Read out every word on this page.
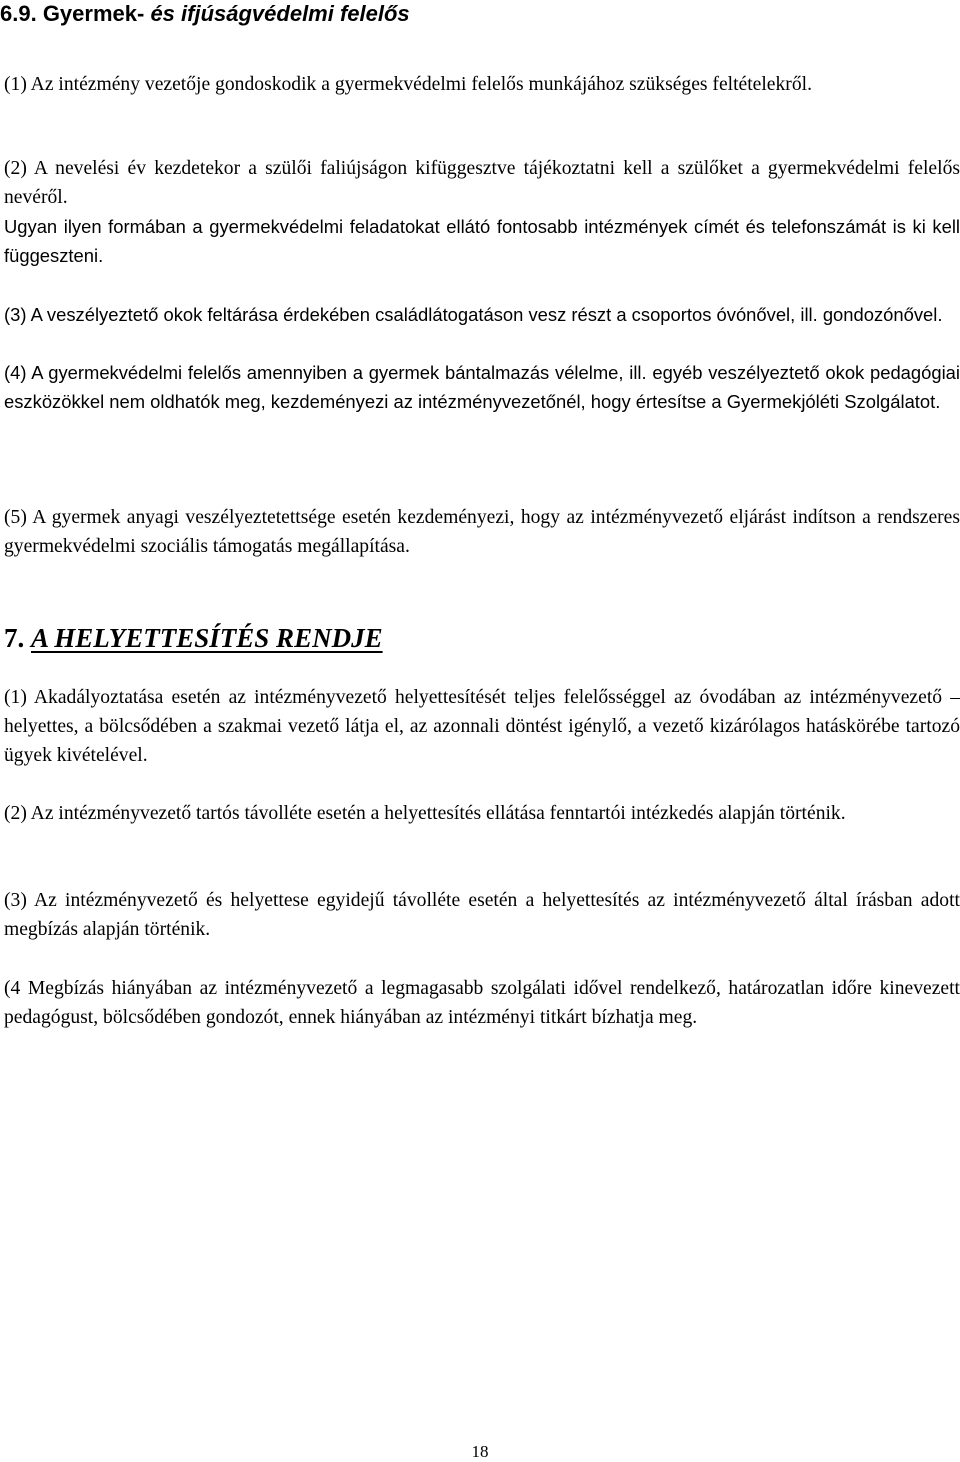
6.9. Gyermek- és ifjúságvédelmi felelős

(1) Az intézmény vezetője gondoskodik a gyermekvédelmi felelős munkájához szükséges feltételekről.

(2) A nevelési év kezdetekor a szülői faliújságon kifüggesztve tájékoztatni kell a szülőket a gyermekvédelmi felelős nevéről.

Ugyan ilyen formában a gyermekvédelmi feladatokat ellátó fontosabb intézmények címét és telefonszámát is ki kell függeszteni.

(3) A veszélyeztető okok feltárása érdekében családlátogatáson vesz részt a csoportos óvónővel, ill. gondozónővel.

(4) A gyermekvédelmi felelős amennyiben a gyermek bántalmazás vélelme, ill. egyéb veszélyeztető okok pedagógiai eszközökkel nem oldhatók meg, kezdeményezi az intézményvezetőnél, hogy értesítse a Gyermekjóléti Szolgálatot.

(5) A gyermek anyagi veszélyeztetettsége esetén kezdeményezi, hogy az intézményvezető eljárást indítson a rendszeres gyermekvédelmi szociális támogatás megállapítása.

7. A HELYETTESÍTÉS RENDJE

(1) Akadályoztatása esetén az intézményvezető helyettesítését teljes felelősséggel az óvodában az intézményvezető – helyettes, a bölcsődében a szakmai vezető látja el, az azonnali döntést igénylő, a vezető kizárólagos hatáskörébe tartozó ügyek kivételével.

(2) Az intézményvezető tartós távolléte esetén a helyettesítés ellátása fenntartói intézkedés alapján történik.

(3) Az intézményvezető és helyettese egyidejű távolléte esetén a helyettesítés az intézményvezető által írásban adott megbízás alapján történik.

(4 Megbízás hiányában az intézményvezető a legmagasabb szolgálati idővel rendelkező, határozatlan időre kinevezett pedagógust, bölcsődében gondozót, ennek hiányában az intézményi titkárt bízhatja meg.

18
